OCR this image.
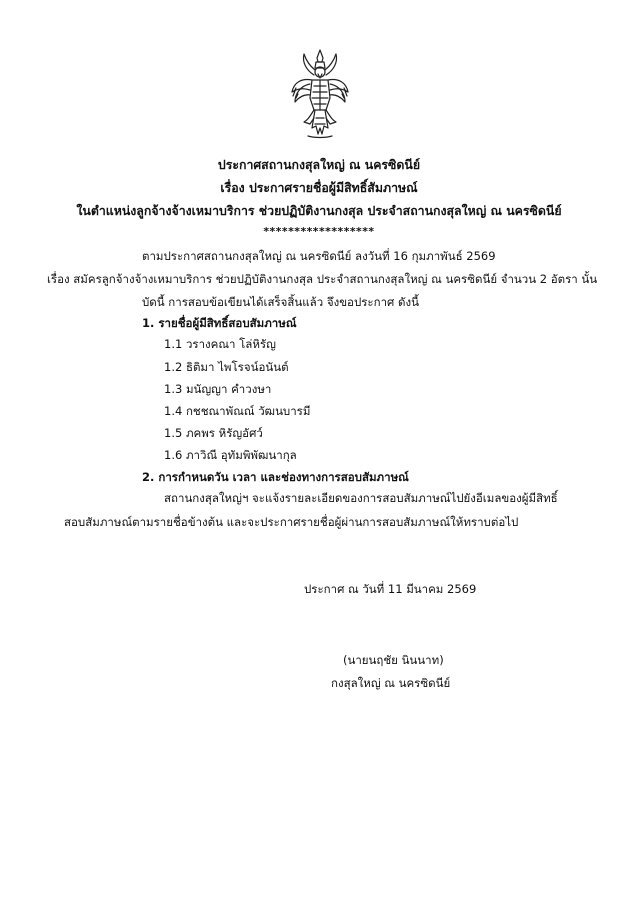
ประกาศสถานกงสุลใหญ่ ณ นครซิดนีย์
เรื่อง ประกาศรายชื่อผู้มีสิทธิ์สัมภาษณ์
ในตำแหน่งลูกจ้างจ้างเหมาบริการ ช่วยปฏิบัติงานกงสุล ประจำสถานกงสุลใหญ่ ณ นครซิดนีย์
******************
ตามประกาศสถานกงสุลใหญ่ ณ นครซิดนีย์ ลงวันที่ 16 กุมภาพันธ์ 2569
เรื่อง สมัครลูกจ้างจ้างเหมาบริการ ช่วยปฏิบัติงานกงสุล ประจำสถานกงสุลใหญ่ ณ นครซิดนีย์ จำนวน 2 อัตรา นั้น
บัดนี้ การสอบข้อเขียนได้เสร็จสิ้นแล้ว จึงขอประกาศ ดังนี้
1. รายชื่อผู้มีสิทธิ์สอบสัมภาษณ์
1.1 วรางคณา โล่หิรัญ
1.2 ธิติมา ไพโรจน์อนันต์
1.3 มนัญญา คำวงษา
1.4 กชชณาพัณณ์ วัฒนบารมี
1.5 ภคพร หิรัญอัศว์
1.6 ภาวิณี อุทัมพิพัฒนากุล
2. การกำหนดวัน เวลา และช่องทางการสอบสัมภาษณ์
สถานกงสุลใหญ่ฯ จะแจ้งรายละเอียดของการสอบสัมภาษณ์ไปยังอีเมลของผู้มีสิทธิ์
สอบสัมภาษณ์ตามรายชื่อข้างต้น และจะประกาศรายชื่อผู้ผ่านการสอบสัมภาษณ์ให้ทราบต่อไป
ประกาศ ณ วันที่ 11 มีนาคม 2569
(นายนฤชัย นินนาท)
กงสุลใหญ่ ณ นครซิดนีย์
